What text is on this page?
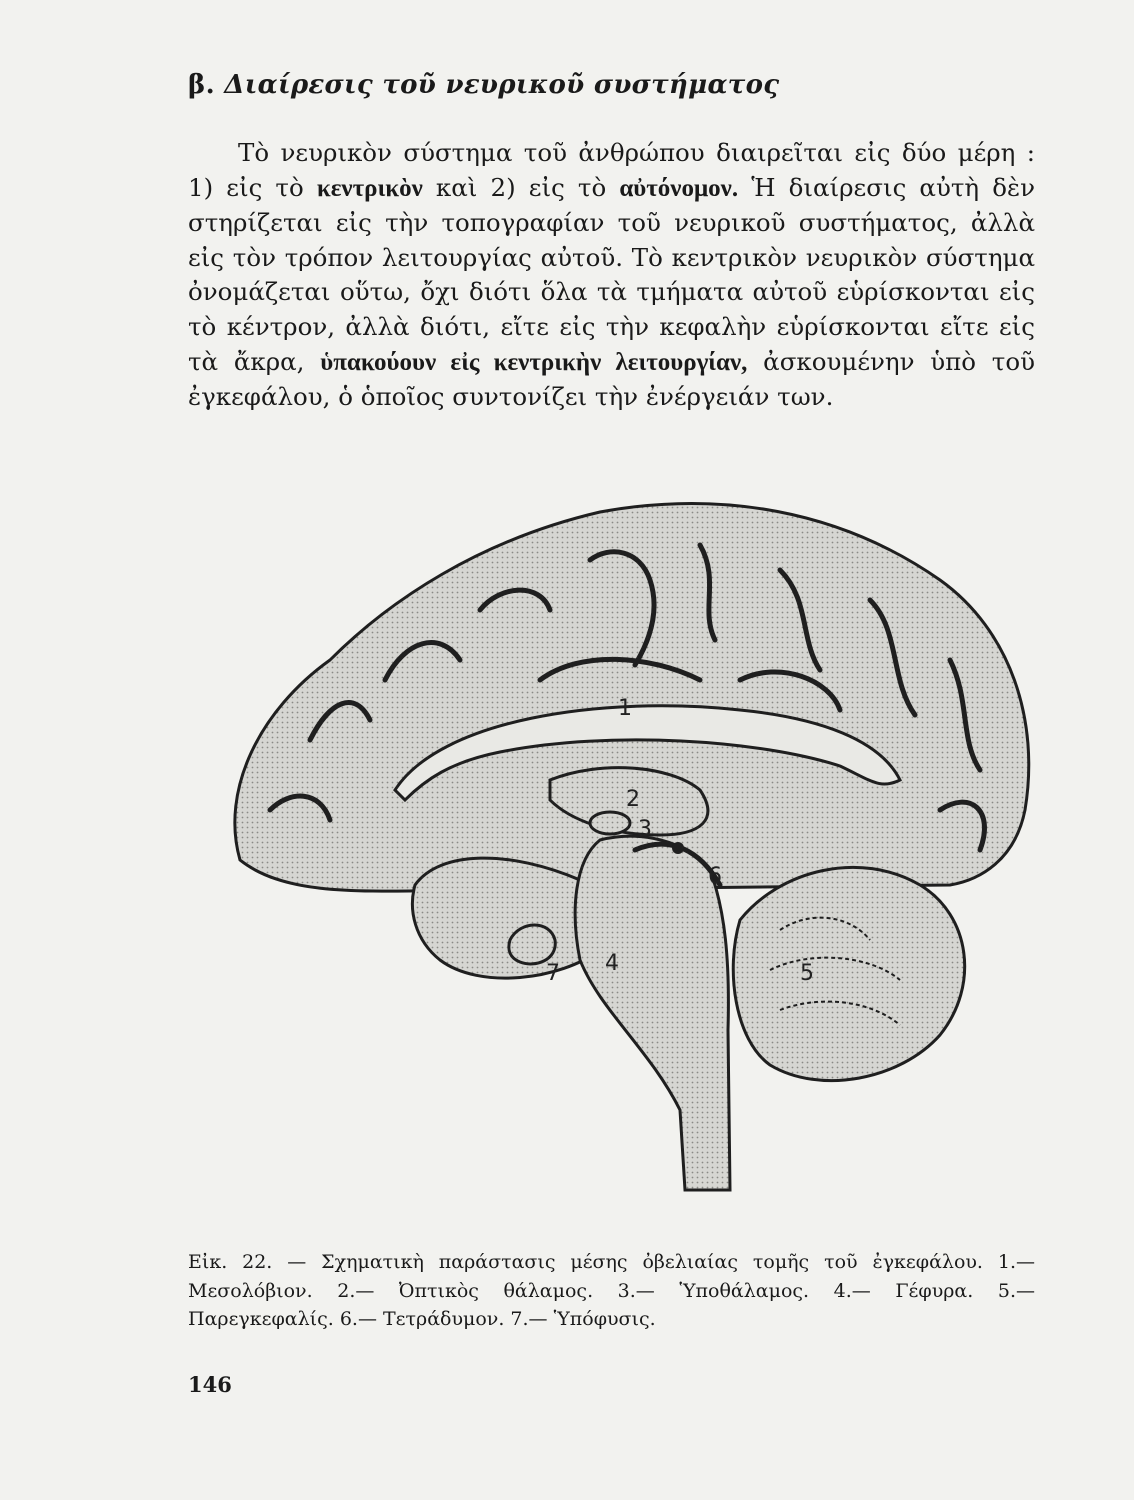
β. Διαίρεσις τοῦ νευρικοῦ συστήματος

Τὸ νευρικὸν σύστημα τοῦ ἀνθρώπου διαιρεῖται εἰς δύο μέρη : 1) εἰς τὸ κεντρικὸν καὶ 2) εἰς τὸ αὐτόνομον. Ἡ διαίρεσις αὐτὴ δὲν στηρίζεται εἰς τὴν τοπογραφίαν τοῦ νευρικοῦ συστήματος, ἀλλὰ εἰς τὸν τρόπον λειτουργίας αὐτοῦ. Τὸ κεντρικὸν νευρικὸν σύστημα ὀνομάζεται οὕτω, ὄχι διότι ὅλα τὰ τμήματα αὐτοῦ εὑρίσκονται εἰς τὸ κέντρον, ἀλλὰ διότι, εἴτε εἰς τὴν κεφαλὴν εὑρίσκονται εἴτε εἰς τὰ ἄκρα, ὑπακούουν εἰς κεντρικὴν λειτουργίαν, ἀσκουμένην ὑπὸ τοῦ ἐγκεφάλου, ὁ ὁποῖος συντονίζει τὴν ἐνέργειάν των.

1
2
3
4	5
6
7
Εἰκ. 22. — Σχηματικὴ παράστασις μέσης ὀβελιαίας τομῆς τοῦ ἐγκεφάλου. 1.— Μεσολόβιον. 2.— Ὀπτικὸς θάλαμος. 3.— Ὑποθάλαμος. 4.— Γέφυρα. 5.— Παρεγκεφαλίς. 6.— Τετράδυμον. 7.— Ὑπόφυσις.
146
